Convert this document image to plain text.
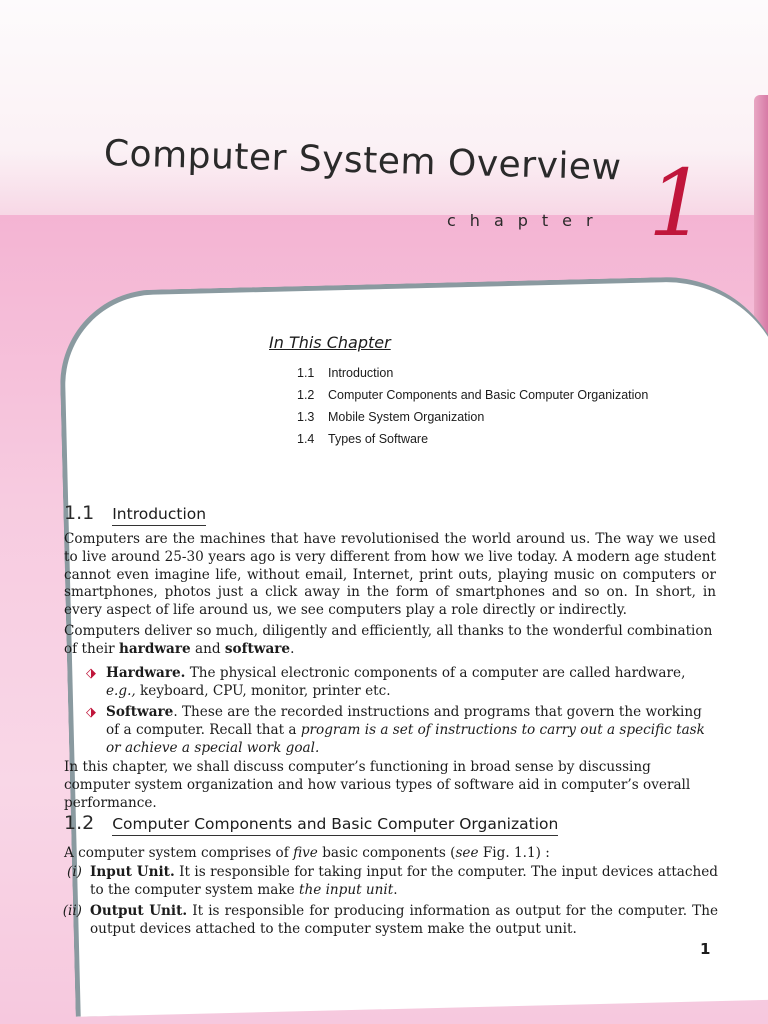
Computer System Overview
chapter 1
In This Chapter
1.1	Introduction
1.2	Computer Components and Basic Computer Organization
1.3	Mobile System Organization
1.4	Types of Software
1.1 Introduction

Computers are the machines that have revolutionised the world around us. The way we used to live around 25-30 years ago is very different from how we live today. A modern age student cannot even imagine life, without email, Internet, print outs, playing music on computers or smartphones, photos just a click away in the form of smartphones and so on. In short, in every aspect of life around us, we see computers play a role directly or indirectly.

Computers deliver so much, diligently and efficiently, all thanks to the wonderful combination of their hardware and software.

⬗ Hardware. The physical electronic components of a computer are called hardware, e.g., keyboard, CPU, monitor, printer etc.
⬗ Software. These are the recorded instructions and programs that govern the working of a computer. Recall that a program is a set of instructions to carry out a specific task or achieve a special work goal.

In this chapter, we shall discuss computer’s functioning in broad sense by discussing computer system organization and how various types of software aid in computer’s overall performance.

1.2 Computer Components and Basic Computer Organization

A computer system comprises of five basic components (see Fig. 1.1) :

(i) Input Unit. It is responsible for taking input for the computer. The input devices attached to the computer system make the input unit.
(ii) Output Unit. It is responsible for producing information as output for the computer. The output devices attached to the computer system make the output unit.
1
